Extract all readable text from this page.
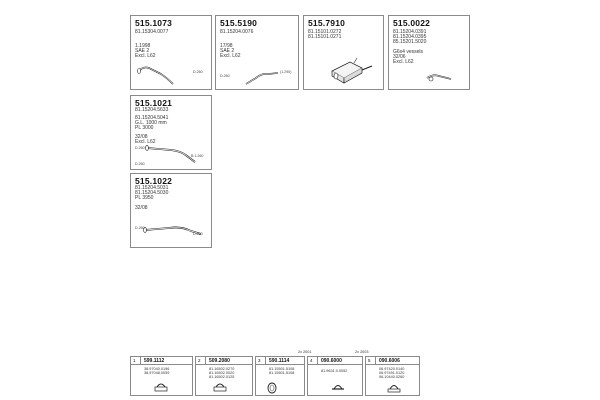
515.1073
81.15304.0077
1.1998
SAE 2
Excl. L62
D.260
515.5190
81.15204.0076
17/98
SAE 2
Excl. L62
D.260
(1.290)
515.7910
81.15101.0272
81.15101.0271
515.0022
81.15204.0391
81.15204.0395
85.15201.5020
G6x4 vessels
32/06
Excl. L62
515.1021
81.15204.5633
81.15204.5041
G.L. 1000 mm
PL 3000
32/08
Excl. L62
D.260
D.260
B.1.260
515.1022
81.15204.5031
81.15204.5030
PL 3950
32/08
D.260
D.260
2x 2001	2x 2003
1 599.1112
38.97040.0196
38.97048.0059
2 509.2080
81.16502.0270
81.16502.0020
81.16502.0125
3 590.1114
81.15501.5108
81.15501.5108
4 090.6000
81.9631.0.0052
5 090.6006
06.97420.0140
06.97491.0120
06.10440.0260
